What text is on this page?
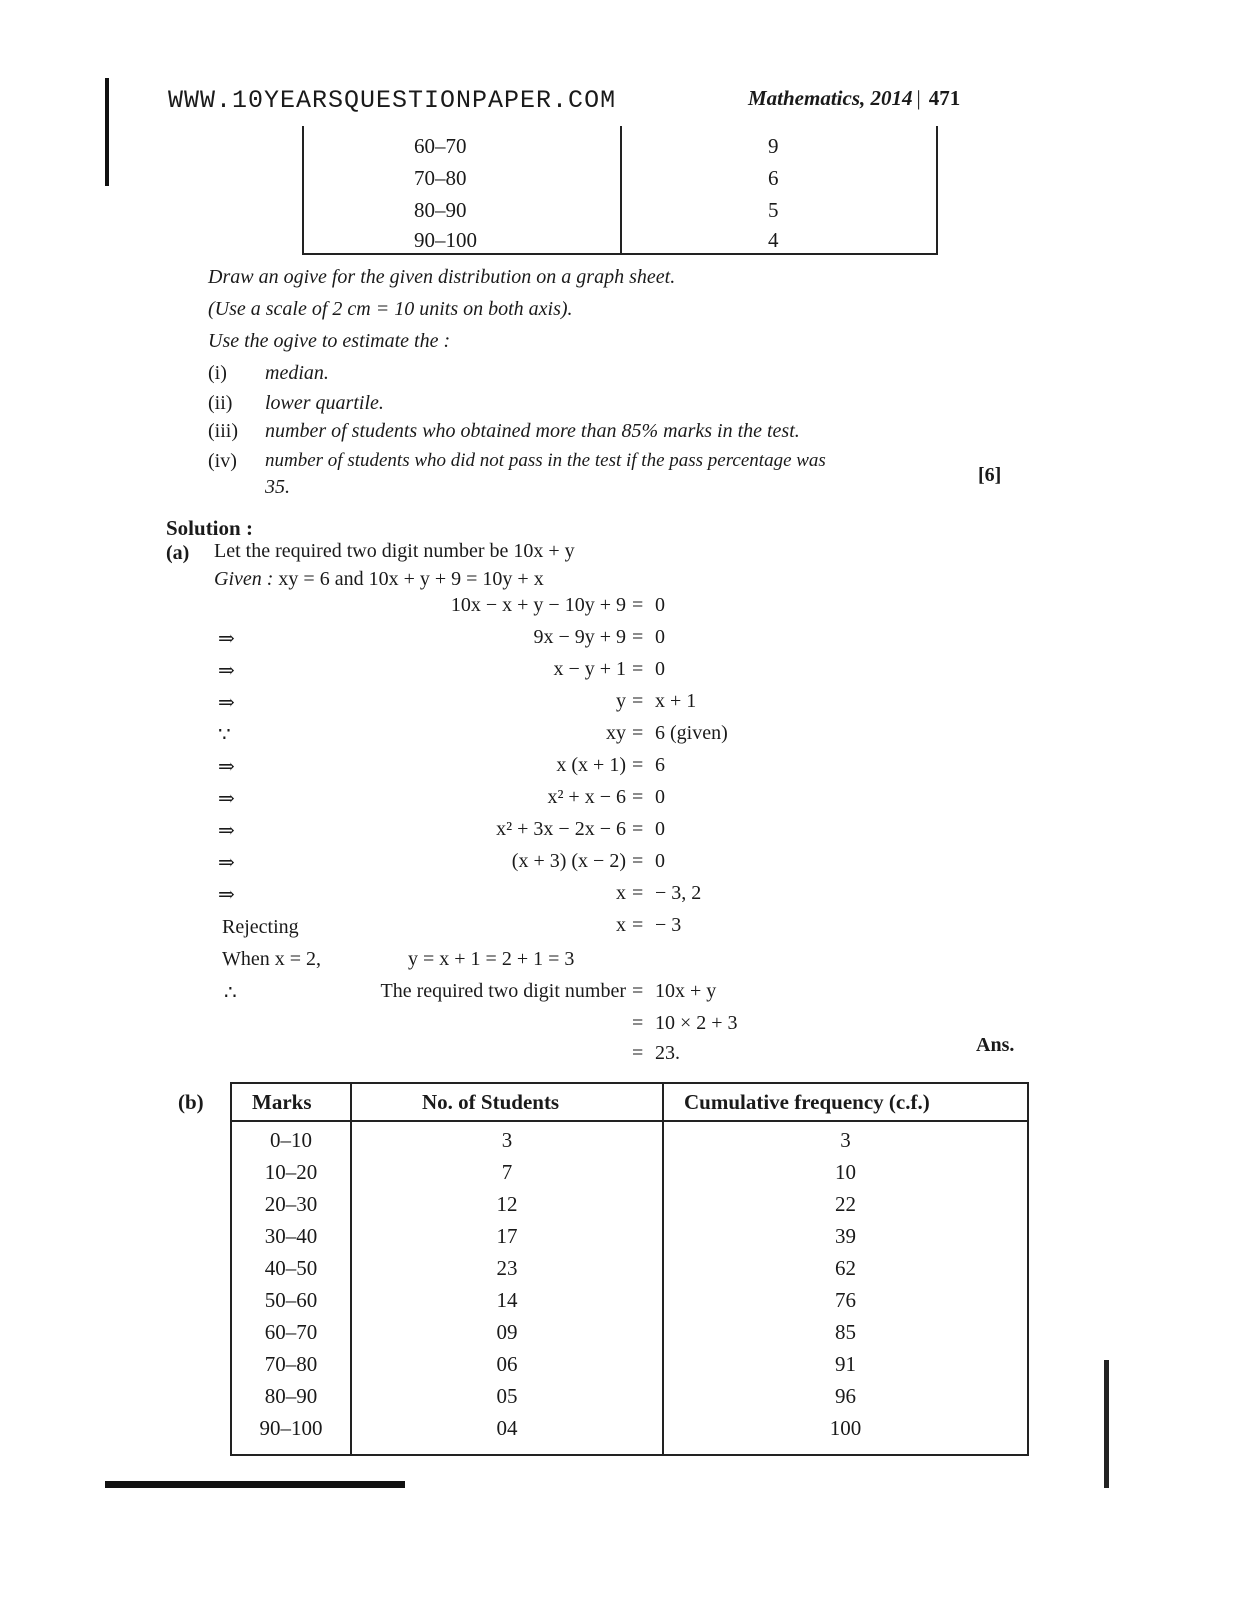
WWW.10YEARSQUESTIONPAPER.COM	Mathematics, 2014 | 471
60–70	9
70–80	6
80–90	5
90–100	4
Draw an ogive for the given distribution on a graph sheet.
(Use a scale of 2 cm = 10 units on both axis).
Use the ogive to estimate the :
(i) median.
(ii) lower quartile.
(iii) number of students who obtained more than 85% marks in the test.
(iv) number of students who did not pass in the test if the pass percentage was
35.
[6]
Solution :
(a) Let the required two digit number be 10x + y
Given : xy = 6 and 10x + y + 9 = 10y + x
10x − x + y − 10y + 9 = 0
⇒	9x − 9y + 9 = 0
⇒	x − y + 1 = 0
⇒	y = x + 1
∵	xy = 6 (given)
⇒	x (x + 1) = 6
⇒	x² + x − 6 = 0
⇒	x² + 3x − 2x − 6 = 0
⇒	(x + 3) (x − 2) = 0
⇒	x = − 3, 2
Rejecting	x = − 3
When x = 2,	y = x + 1 = 2 + 1 = 3
∴	The required two digit number = 10x + y
= 10 × 2 + 3
= 23.	Ans.
(b) Marks	No. of Students	Cumulative frequency (c.f.)
0–10	3	3
10–20	7	10
20–30	12	22
30–40	17	39
40–50	23	62
50–60	14	76
60–70	09	85
70–80	06	91
80–90	05	96
90–100	04	100
